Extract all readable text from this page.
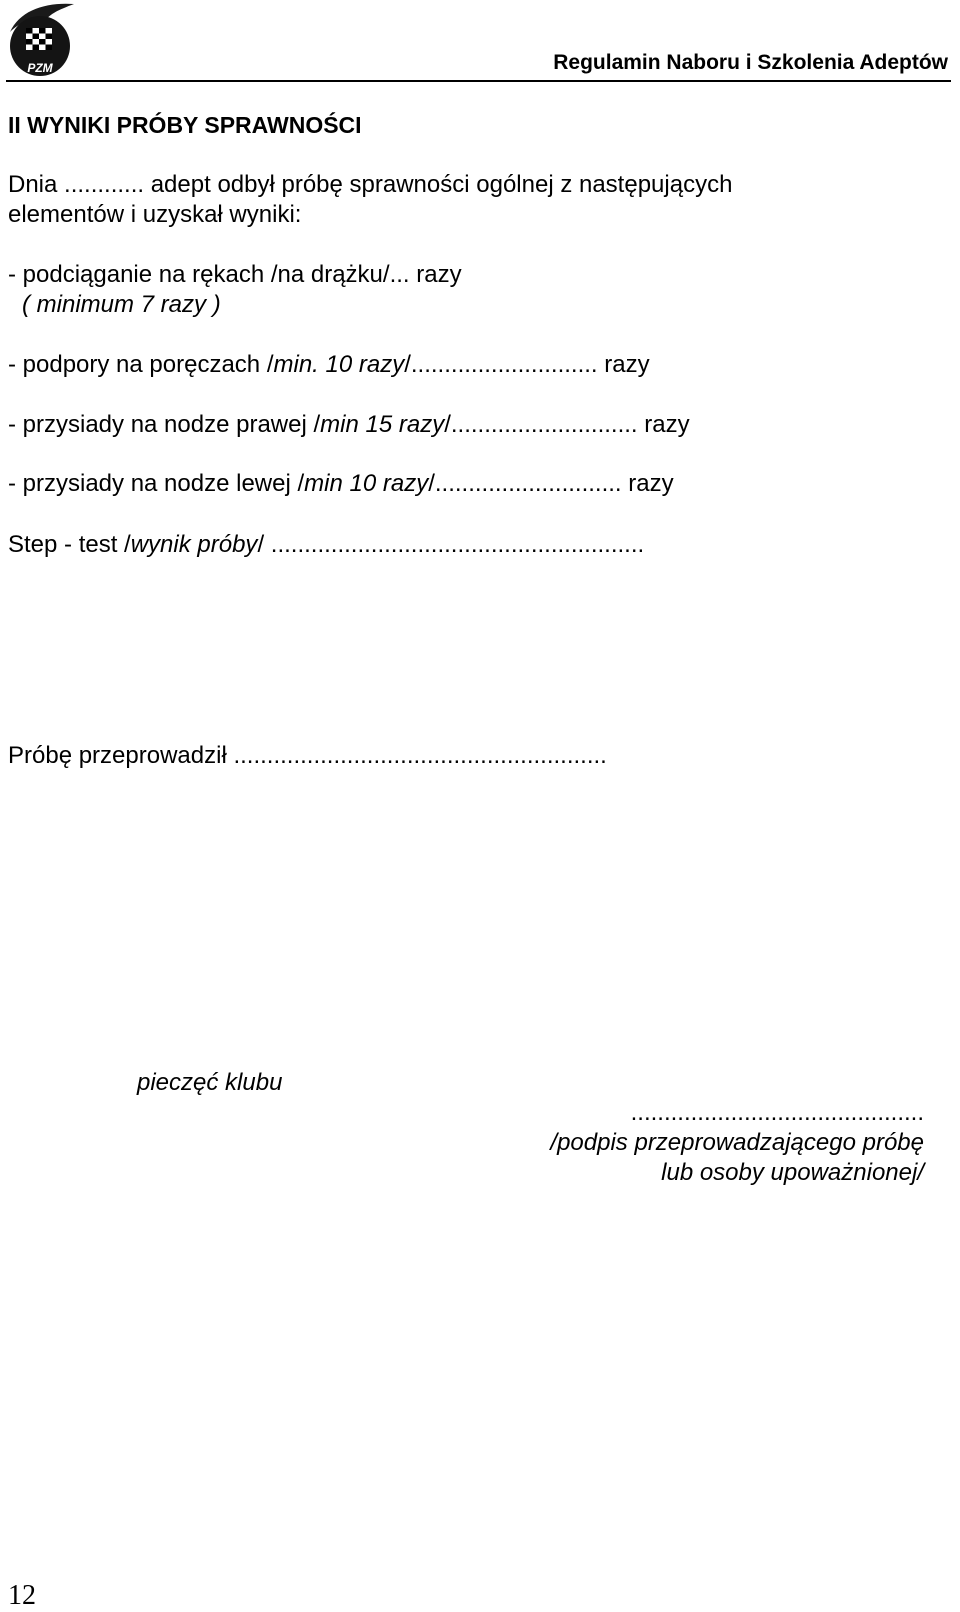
PZM	Regulamin Naboru i Szkolenia Adeptów
II WYNIKI PRÓBY SPRAWNOŚCI
Dnia ............ adept odbył próbę sprawności ogólnej z następujących
elementów i uzyskał wyniki:
- podciąganie na rękach /na drążku/... razy
( minimum 7 razy )
- podpory na poręczach /min. 10 razy/............................ razy
- przysiady na nodze prawej /min 15 razy/............................ razy
- przysiady na nodze lewej /min 10 razy/............................ razy
Step - test /wynik próby/ ........................................................
Próbę przeprowadził ........................................................
pieczęć klubu
............................................
/podpis przeprowadzającego próbę
lub osoby upoważnionej/
12
